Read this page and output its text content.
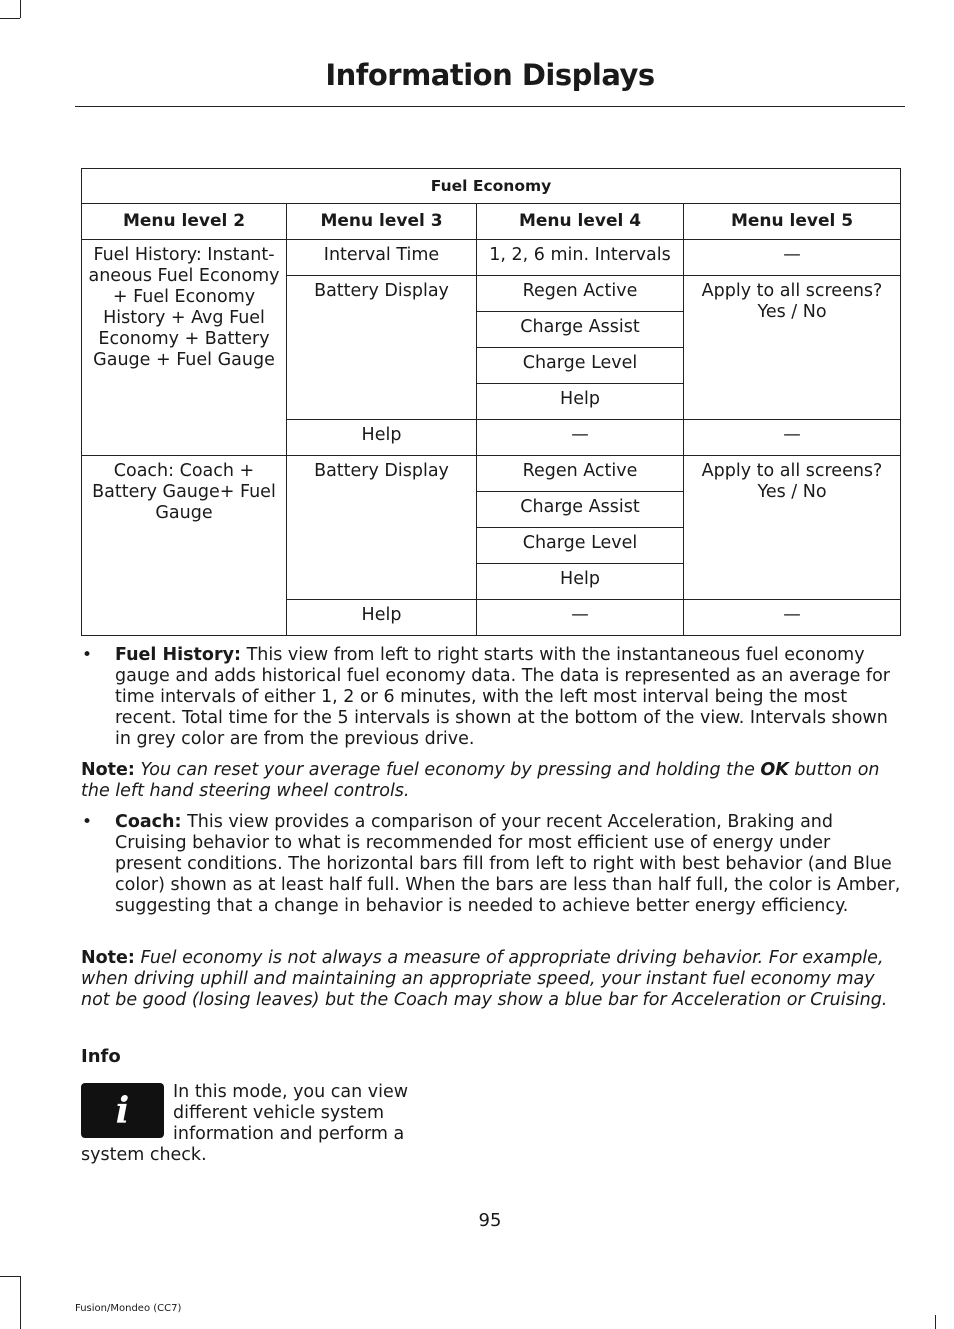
Information Displays
Fuel Economy			
Menu level 2	Menu level 3	Menu level 4	Menu level 5

Fuel History: Instant-aneous Fuel Economy + Fuel Economy History + Avg Fuel Economy + Battery Gauge + Fuel Gauge	Interval Time	1, 2, 6 min. Intervals	—

	Battery Display	Regen Active	Apply to all screens? Yes / No

		Charge Assist	

		Charge Level	

		Help	

	Help	—	—

Coach: Coach + Battery Gauge+ Fuel Gauge	Battery Display	Regen Active	Apply to all screens? Yes / No

		Charge Assist	

		Charge Level	

		Help	

	Help	—	—
• Fuel History: This view from left to right starts with the instantaneous fuel economy gauge and adds historical fuel economy data. The data is represented as an average for time intervals of either 1, 2 or 6 minutes, with the left most interval being the most recent. Total time for the 5 intervals is shown at the bottom of the view. Intervals shown in grey color are from the previous drive.
Note: You can reset your average fuel economy by pressing and holding the OK button on the left hand steering wheel controls.
• Coach: This view provides a comparison of your recent Acceleration, Braking and Cruising behavior to what is recommended for most efficient use of energy under present conditions. The horizontal bars fill from left to right with best behavior (and Blue color) shown as at least half full. When the bars are less than half full, the color is Amber, suggesting that a change in behavior is needed to achieve better energy efficiency.
Note: Fuel economy is not always a measure of appropriate driving behavior. For example, when driving uphill and maintaining an appropriate speed, your instant fuel economy may not be good (losing leaves) but the Coach may show a blue bar for Acceleration or Cruising.
Info
i In this mode, you can view different vehicle system information and perform a
system check.
95
Fusion/Mondeo (CC7)
